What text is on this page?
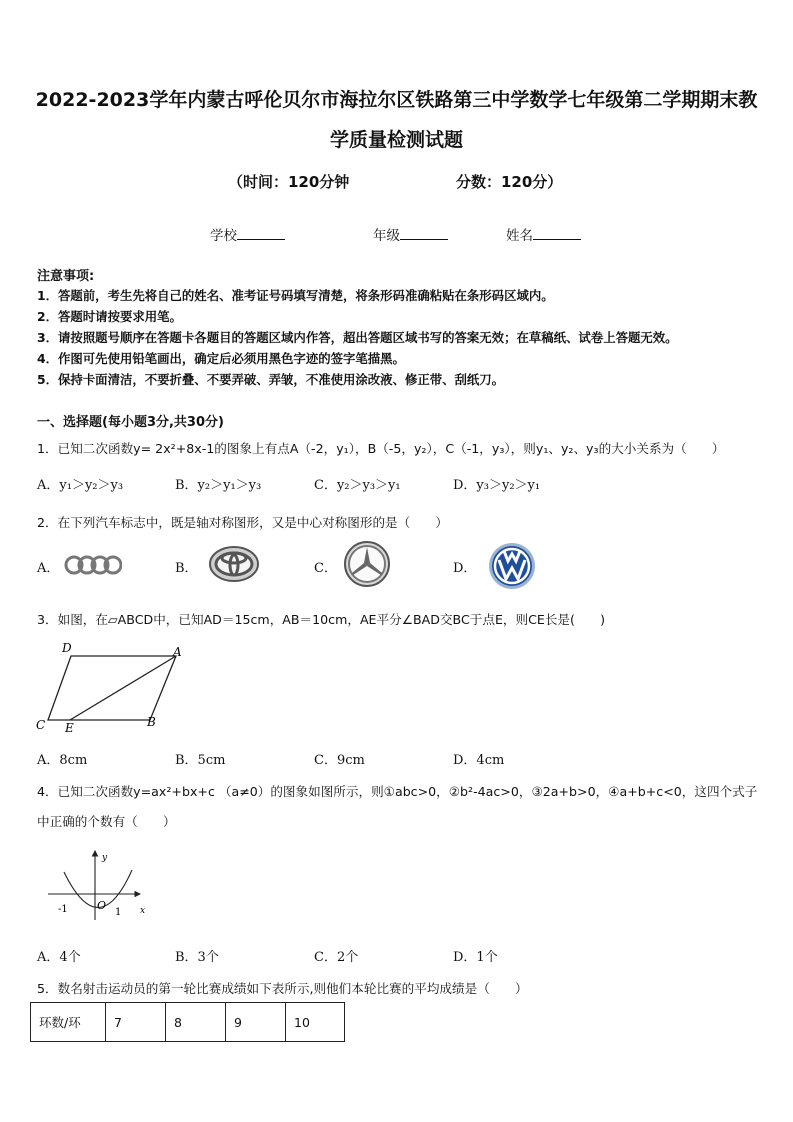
2022-2023学年内蒙古呼伦贝尔市海拉尔区铁路第三中学数学七年级第二学期期末教
学质量检测试题
（时间：120分钟	分数：120分）
学校	年级	姓名
注意事项:
1．答题前，考生先将自己的姓名、准考证号码填写清楚，将条形码准确粘贴在条形码区域内。
2．答题时请按要求用笔。
3．请按照题号顺序在答题卡各题目的答题区域内作答，超出答题区域书写的答案无效；在草稿纸、试卷上答题无效。
4．作图可先使用铅笔画出，确定后必须用黑色字迹的签字笔描黑。
5．保持卡面清洁，不要折叠、不要弄破、弄皱，不准使用涂改液、修正带、刮纸刀。
一、选择题(每小题3分,共30分)
1．已知二次函数y= 2x²+8x-1的图象上有点A（-2，y₁），B（-5，y₂），C（-1，y₃），则y₁、y₂、y₃的大小关系为（　　）
A．y₁＞y₂＞y₃	B．y₂＞y₁＞y₃	C．y₂＞y₃＞y₁	D．y₃＞y₂＞y₁
2．在下列汽车标志中，既是轴对称图形，又是中心对称图形的是（　　）
A．	B．	C．	D．
3．如图，在▱ABCD中，已知AD＝15cm，AB＝10cm，AE平分∠BAD交BC于点E，则CE长是(　　)
D	A
C E	B
A．8cm	B．5cm	C．9cm	D．4cm
4．已知二次函数y=ax²+bx+c （a≠0）的图象如图所示，则①abc>0，②b²-4ac>0，③2a+b>0，④a+b+c<0，这四个式子
中正确的个数有（　　）
y
x
O
-1	1
A．4个	B．3个	C．2个	D．1个
5．数名射击运动员的第一轮比赛成绩如下表所示,则他们本轮比赛的平均成绩是（　　）
环数/环	7	8	9	10
